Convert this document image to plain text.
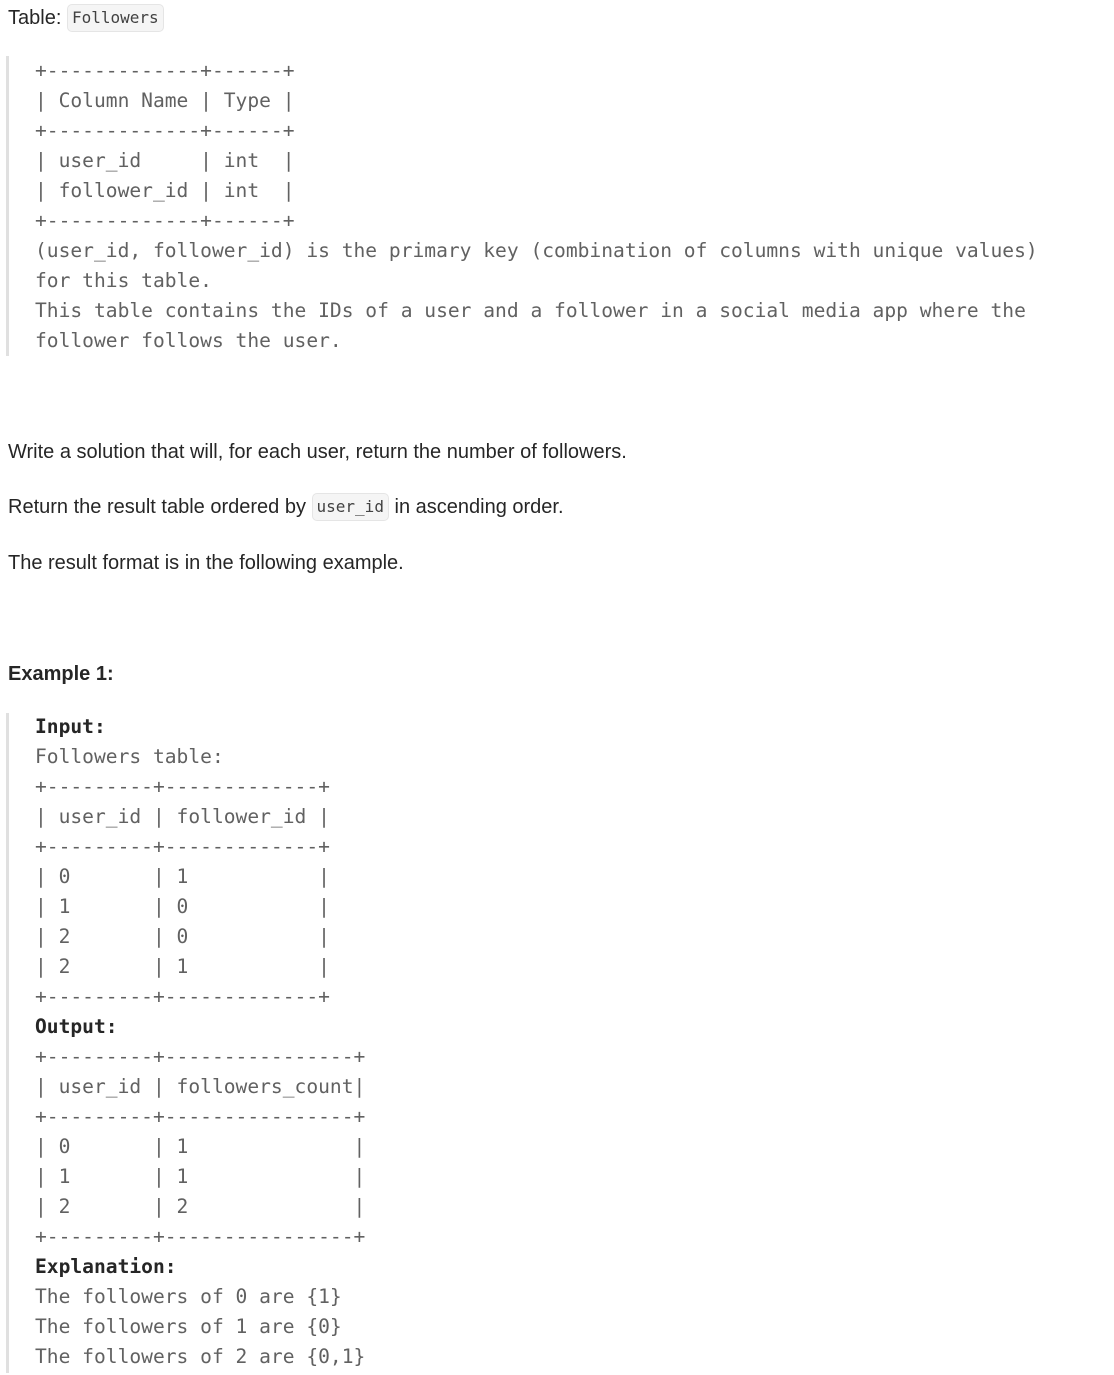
Table: Followers
+-------------+------+
| Column Name | Type |
+-------------+------+
| user_id     | int  |
| follower_id | int  |
+-------------+------+
(user_id, follower_id) is the primary key (combination of columns with unique values)
for this table.
This table contains the IDs of a user and a follower in a social media app where the
follower follows the user.
Write a solution that will, for each user, return the number of followers.
Return the result table ordered by user_id in ascending order.
The result format is in the following example.
Example 1:
Input:
Followers table:
+---------+-------------+
| user_id | follower_id |
+---------+-------------+
| 0       | 1           |
| 1       | 0           |
| 2       | 0           |
| 2       | 1           |
+---------+-------------+
Output:
+---------+----------------+
| user_id | followers_count|
+---------+----------------+
| 0       | 1              |
| 1       | 1              |
| 2       | 2              |
+---------+----------------+
Explanation:
The followers of 0 are {1}
The followers of 1 are {0}
The followers of 2 are {0,1}
